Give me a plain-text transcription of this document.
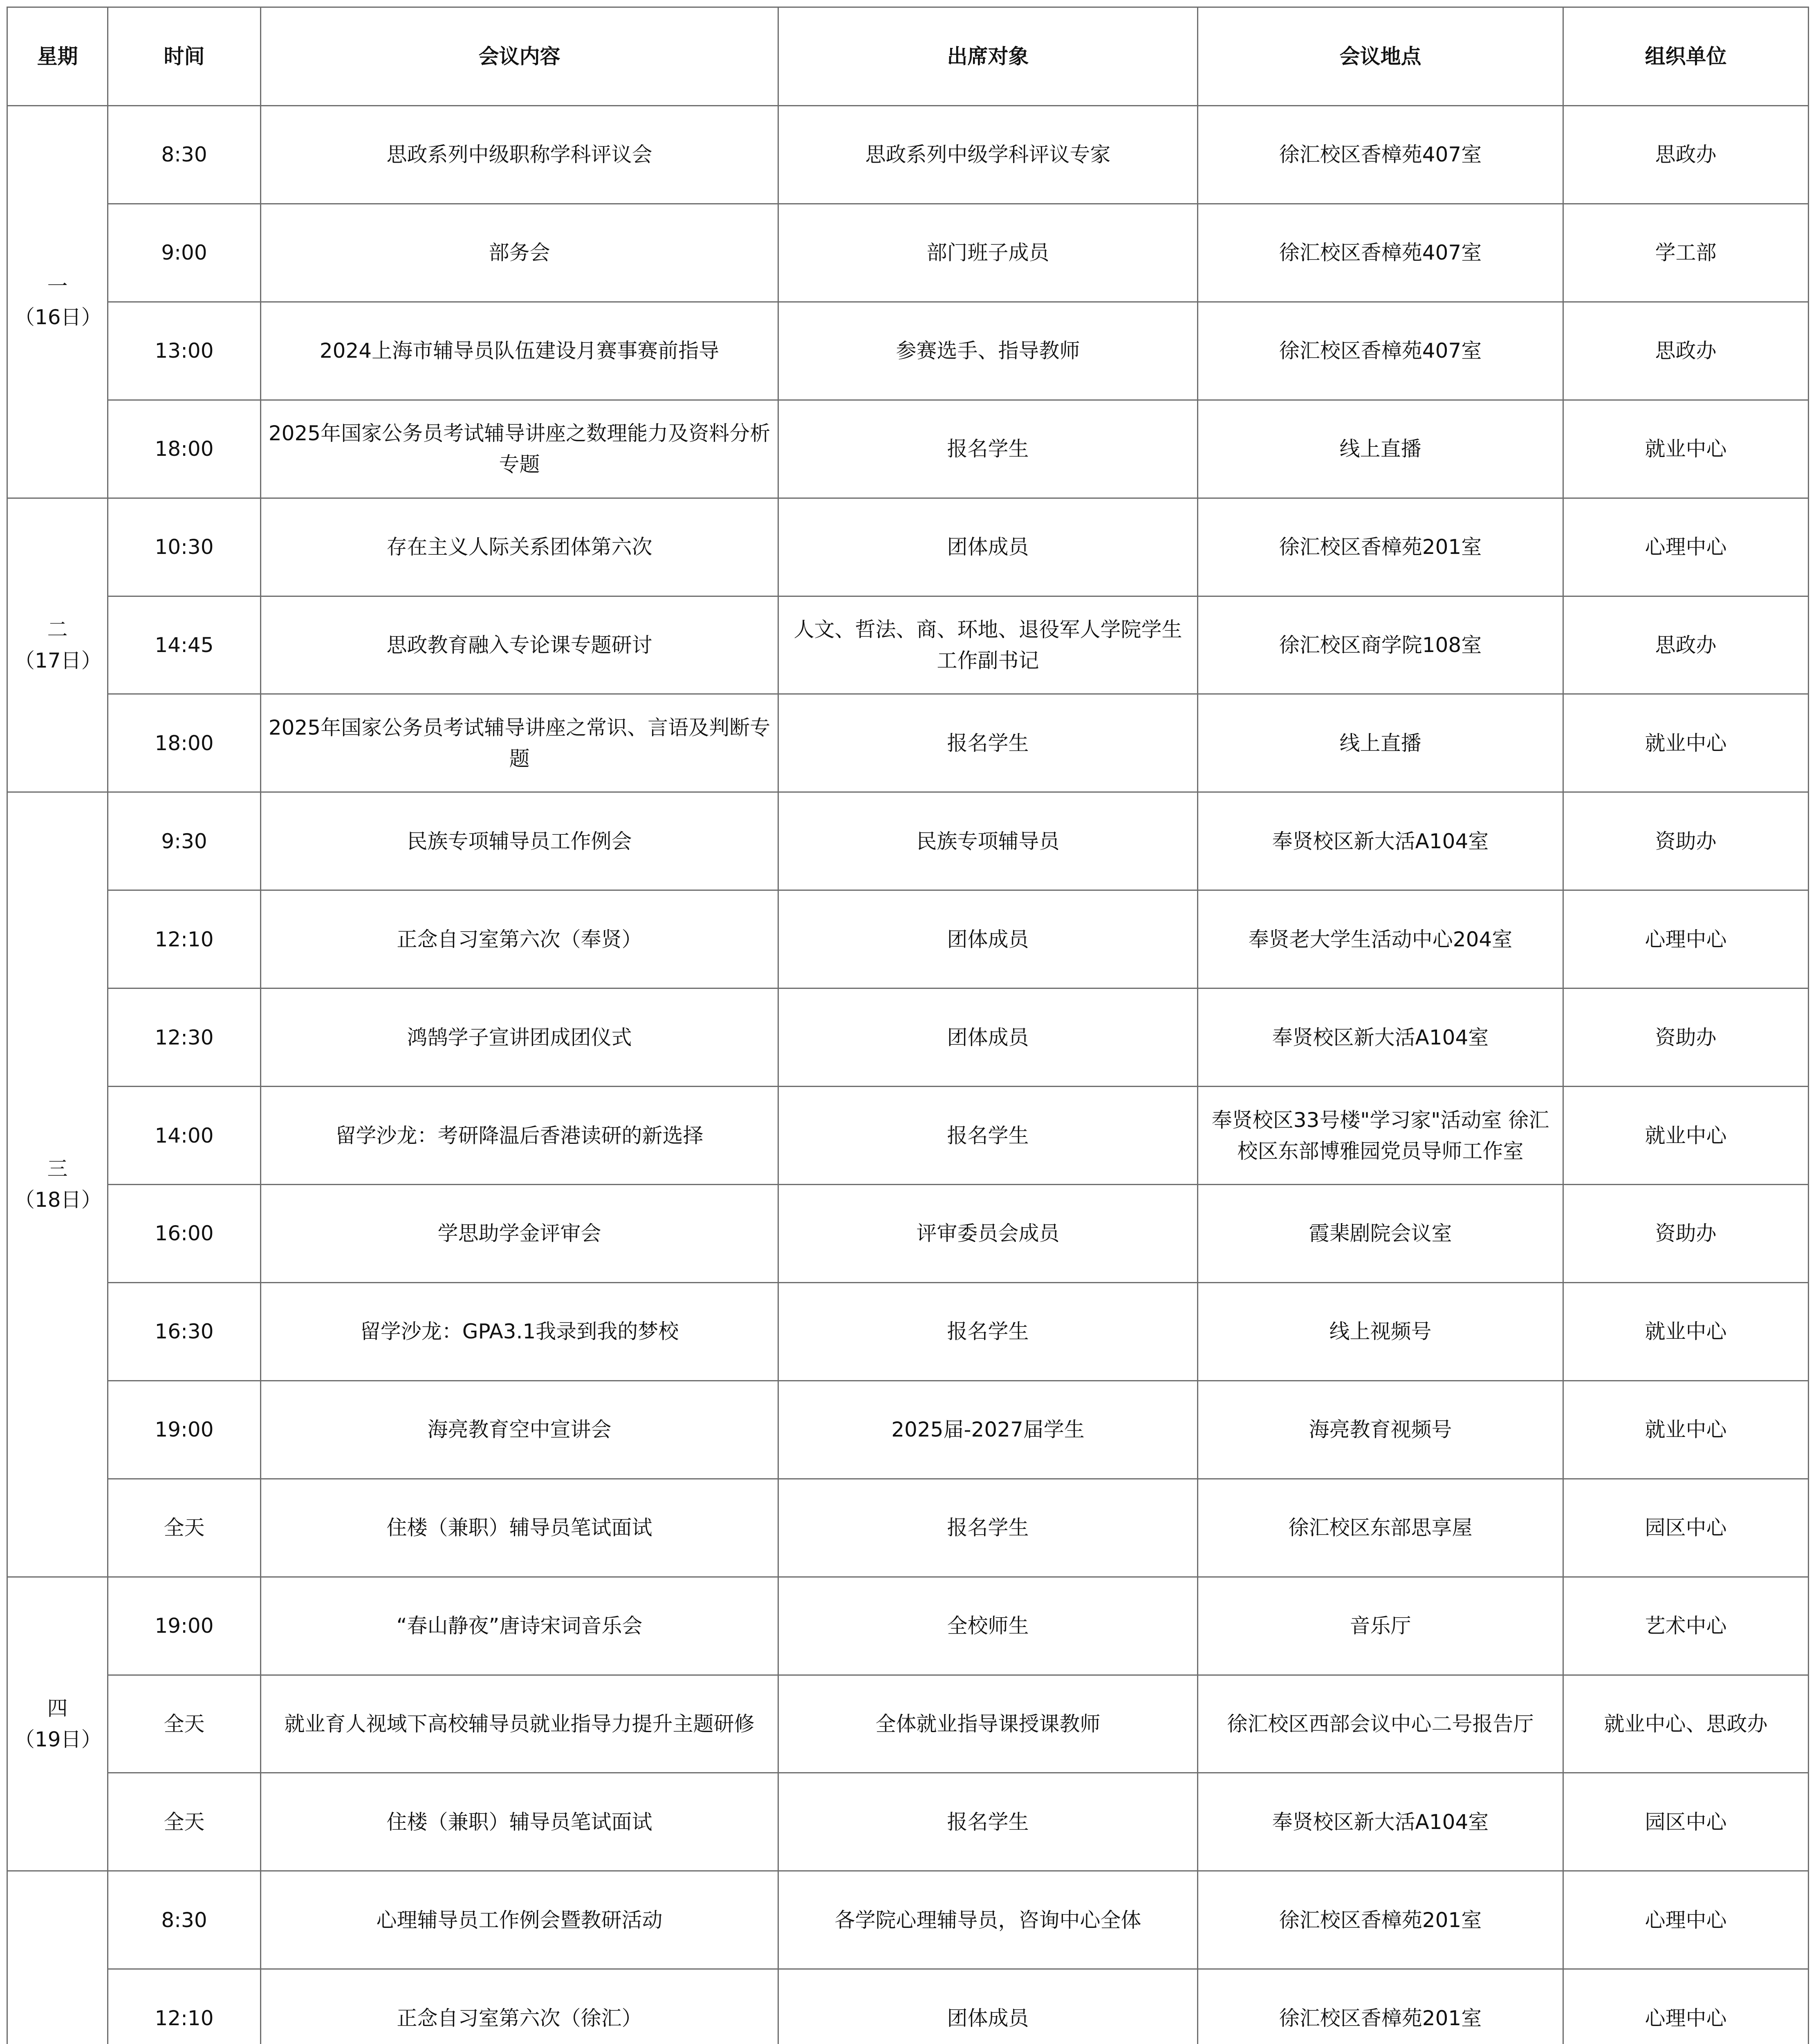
星期	时间	会议内容	出席对象	会议地点	组织单位

一
（16日）	8:30	思政系列中级职称学科评议会	思政系列中级学科评议专家	徐汇校区香樟苑407室	思政办
	9:00	部务会	部门班子成员	徐汇校区香樟苑407室	学工部
	13:00	2024上海市辅导员队伍建设月赛事赛前指导	参赛选手、指导教师	徐汇校区香樟苑407室	思政办
	18:00	2025年国家公务员考试辅导讲座之数理能力及资料分析专题	报名学生	线上直播	就业中心

二
（17日）	10:30	存在主义人际关系团体第六次	团体成员	徐汇校区香樟苑201室	心理中心
	14:45	思政教育融入专论课专题研讨	人文、哲法、商、环地、退役军人学院学生工作副书记	徐汇校区商学院108室	思政办
	18:00	2025年国家公务员考试辅导讲座之常识、言语及判断专题	报名学生	线上直播	就业中心

三
（18日）	9:30	民族专项辅导员工作例会	民族专项辅导员	奉贤校区新大活A104室	资助办
	12:10	正念自习室第六次（奉贤）	团体成员	奉贤老大学生活动中心204室	心理中心
	12:30	鸿鹄学子宣讲团成团仪式	团体成员	奉贤校区新大活A104室	资助办
	14:00	留学沙龙：考研降温后香港读研的新选择	报名学生	奉贤校区33号楼"学习家"活动室 徐汇校区东部博雅园党员导师工作室	就业中心
	16:00	学思助学金评审会	评审委员会成员	霞棐剧院会议室	资助办
	16:30	留学沙龙：GPA3.1我录到我的梦校	报名学生	线上视频号	就业中心
	19:00	海亮教育空中宣讲会	2025届-2027届学生	海亮教育视频号	就业中心
	全天	住楼（兼职）辅导员笔试面试	报名学生	徐汇校区东部思享屋	园区中心

四
（19日）	19:00	“春山静夜”唐诗宋词音乐会	全校师生	音乐厅	艺术中心
	全天	就业育人视域下高校辅导员就业指导力提升主题研修	全体就业指导课授课教师	徐汇校区西部会议中心二号报告厅	就业中心、思政办
	全天	住楼（兼职）辅导员笔试面试	报名学生	奉贤校区新大活A104室	园区中心

	8:30	心理辅导员工作例会暨教研活动	各学院心理辅导员，咨询中心全体	徐汇校区香樟苑201室	心理中心
	12:10	正念自习室第六次（徐汇）	团体成员	徐汇校区香樟苑201室	心理中心
